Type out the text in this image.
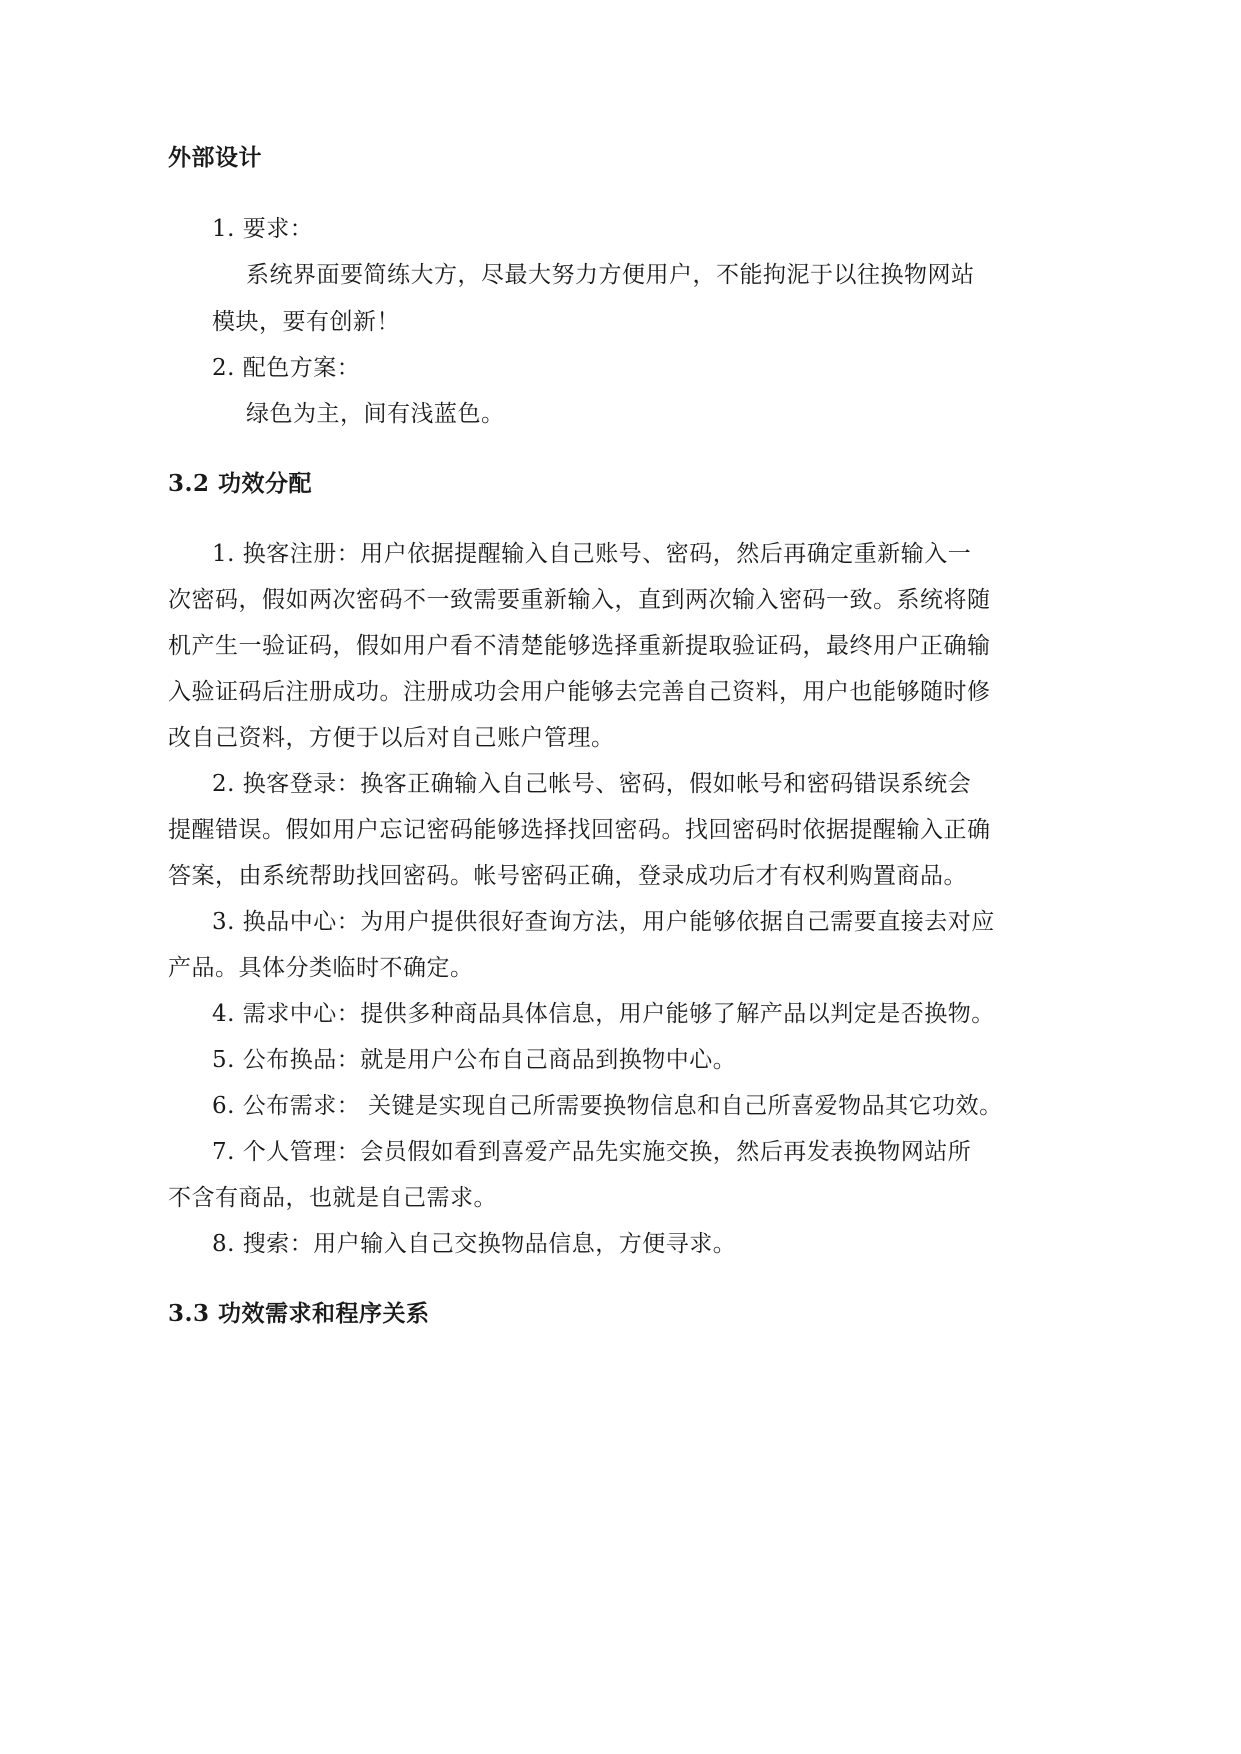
外部设计
1. 要求：
系统界面要简练大方，尽最大努力方便用户，不能拘泥于以往换物网站
模块，要有创新！
2. 配色方案：
绿色为主，间有浅蓝色。
3.2 功效分配
1. 换客注册：用户依据提醒输入自己账号、密码，然后再确定重新输入一
次密码，假如两次密码不一致需要重新输入，直到两次输入密码一致。系统将随
机产生一验证码，假如用户看不清楚能够选择重新提取验证码，最终用户正确输
入验证码后注册成功。注册成功会用户能够去完善自己资料，用户也能够随时修
改自己资料，方便于以后对自己账户管理。
2. 换客登录：换客正确输入自己帐号、密码，假如帐号和密码错误系统会
提醒错误。假如用户忘记密码能够选择找回密码。找回密码时依据提醒输入正确
答案，由系统帮助找回密码。帐号密码正确，登录成功后才有权利购置商品。
3. 换品中心：为用户提供很好查询方法，用户能够依据自己需要直接去对应
产品。具体分类临时不确定。
4. 需求中心：提供多种商品具体信息，用户能够了解产品以判定是否换物。
5. 公布换品：就是用户公布自己商品到换物中心。
6. 公布需求： 关键是实现自己所需要换物信息和自己所喜爱物品其它功效。
7. 个人管理：会员假如看到喜爱产品先实施交换，然后再发表换物网站所
不含有商品，也就是自己需求。
8. 搜索：用户输入自己交换物品信息，方便寻求。
3.3 功效需求和程序关系
